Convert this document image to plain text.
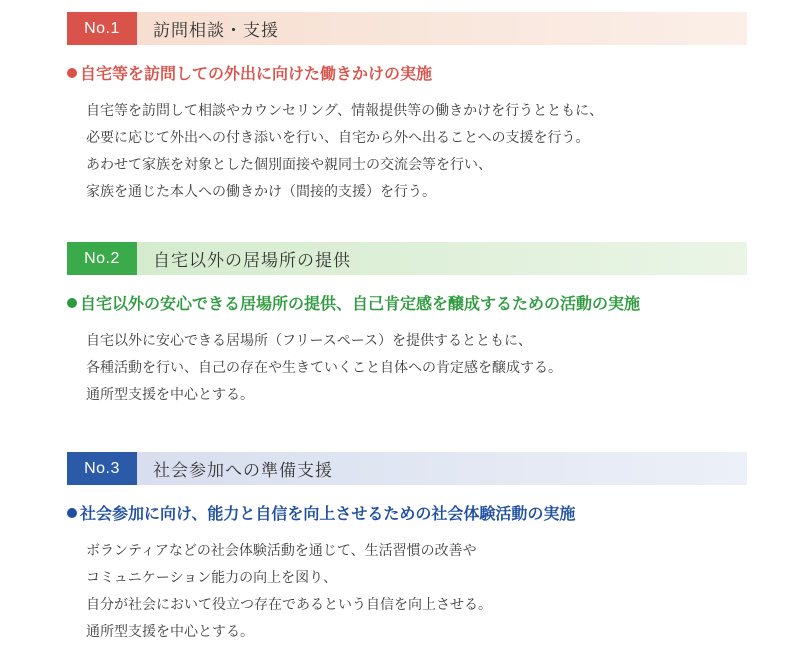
No.1	訪問相談・支援
自宅等を訪問しての外出に向けた働きかけの実施
自宅等を訪問して相談やカウンセリング、情報提供等の働きかけを行うとともに、
必要に応じて外出への付き添いを行い、自宅から外へ出ることへの支援を行う。
あわせて家族を対象とした個別面接や親同士の交流会等を行い、
家族を通じた本人への働きかけ（間接的支援）を行う。
No.2	自宅以外の居場所の提供
自宅以外の安心できる居場所の提供、自己肯定感を醸成するための活動の実施
自宅以外に安心できる居場所（フリースペース）を提供するとともに、
各種活動を行い、自己の存在や生きていくこと自体への肯定感を醸成する。
通所型支援を中心とする。
No.3	社会参加への準備支援
社会参加に向け、能力と自信を向上させるための社会体験活動の実施
ボランティアなどの社会体験活動を通じて、生活習慣の改善や
コミュニケーション能力の向上を図り、
自分が社会において役立つ存在であるという自信を向上させる。
通所型支援を中心とする。
